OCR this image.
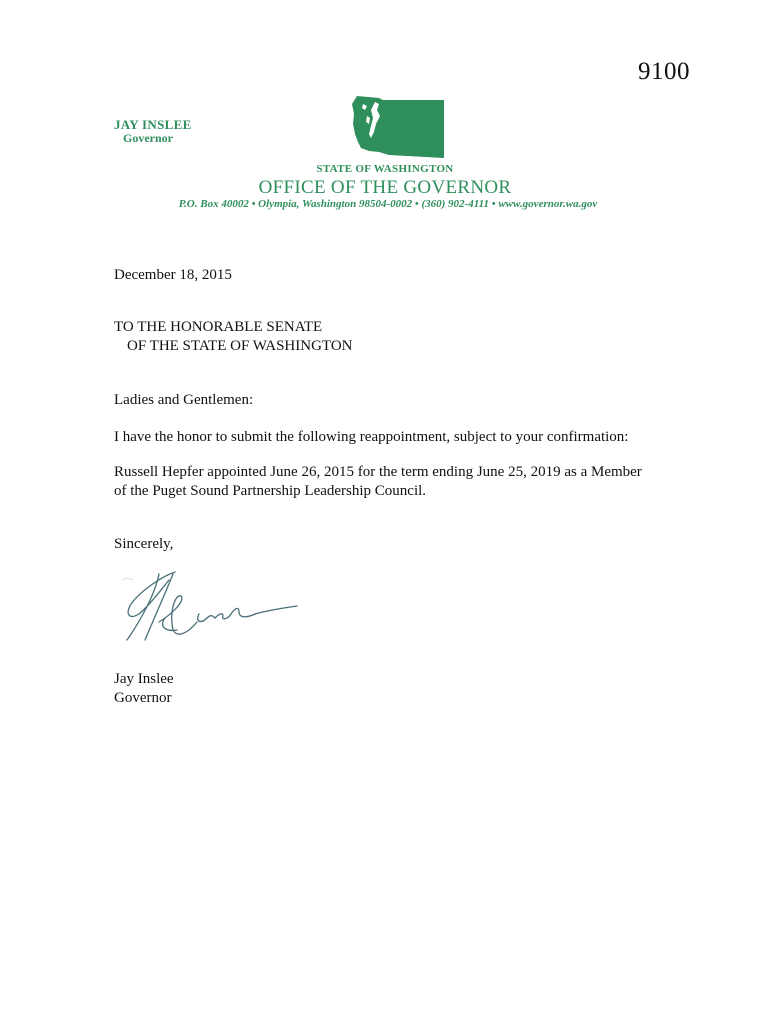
9100
JAY INSLEE
Governor
STATE OF WASHINGTON
OFFICE OF THE GOVERNOR
P.O. Box 40002 • Olympia, Washington 98504-0002 • (360) 902-4111 • www.governor.wa.gov
December 18, 2015
TO THE HONORABLE SENATE
OF THE STATE OF WASHINGTON
Ladies and Gentlemen:
I have the honor to submit the following reappointment, subject to your confirmation:
Russell Hepfer appointed June 26, 2015 for the term ending June 25, 2019 as a Member
of the Puget Sound Partnership Leadership Council.
Sincerely,
Jay Inslee
Governor
